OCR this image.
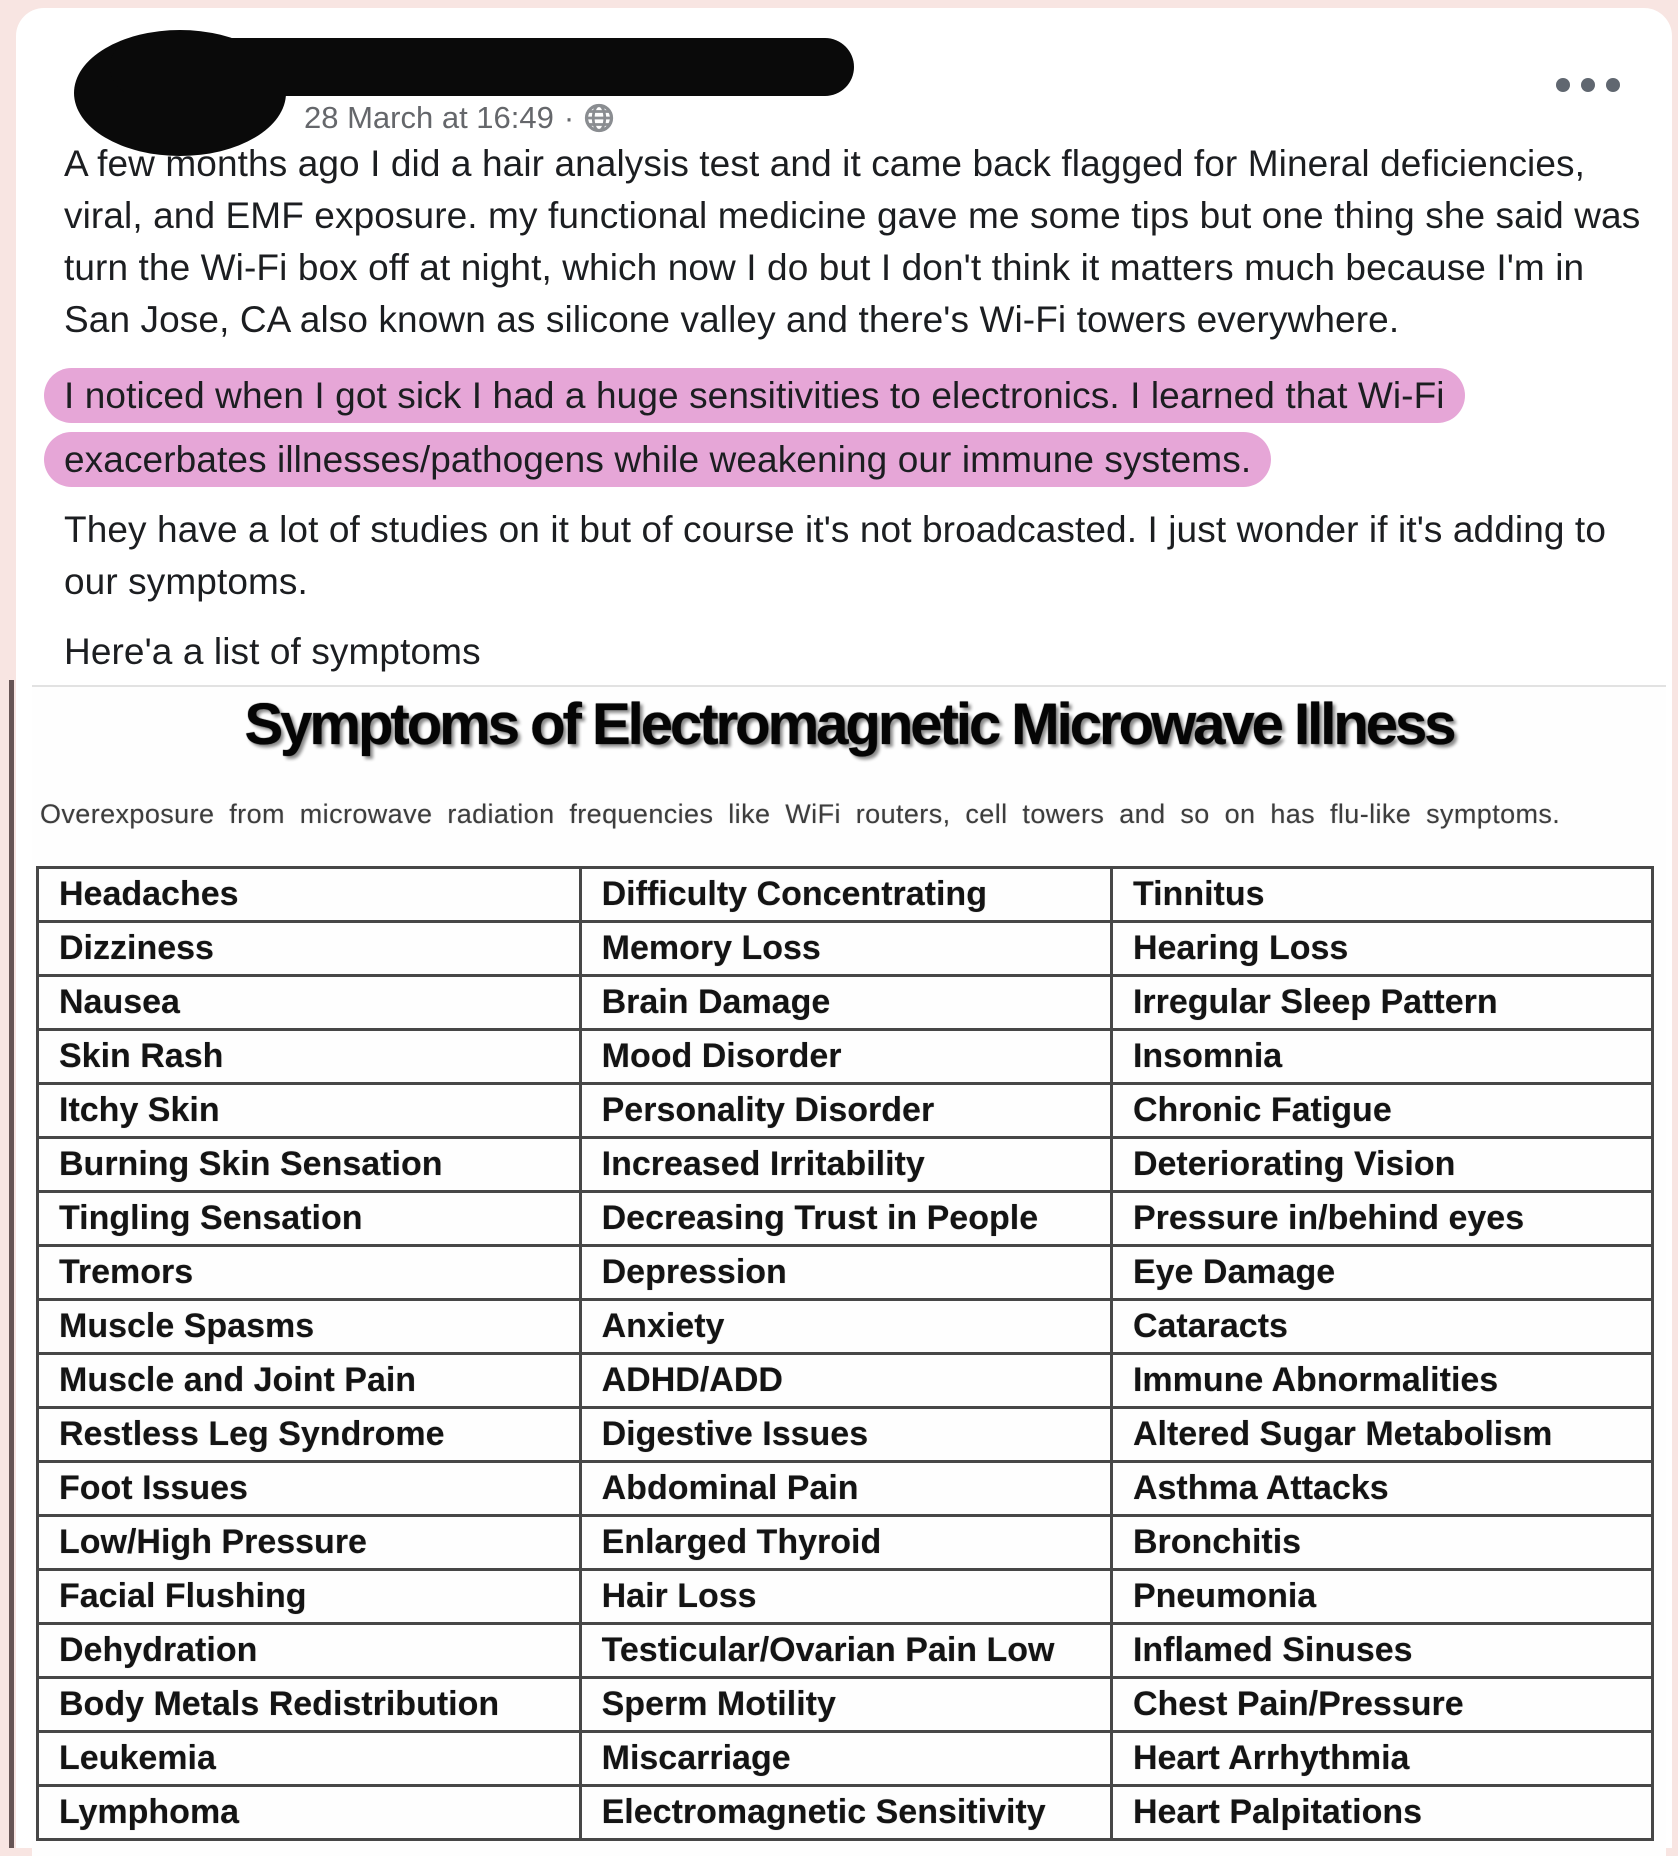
28 March at 16:49 ·

A few months ago I did a hair analysis test and it came back flagged for Mineral deficiencies, viral, and EMF exposure. my functional medicine gave me some tips but one thing she said was turn the Wi-Fi box off at night, which now I do but I don't think it matters much because I'm in San Jose, CA also known as silicone valley and there's Wi-Fi towers everywhere.

I noticed when I got sick I had a huge sensitivities to electronics. I learned that Wi-Fi exacerbates illnesses/pathogens while weakening our immune systems.

They have a lot of studies on it but of course it's not broadcasted. I just wonder if it's adding to our symptoms.

Here'a a list of symptoms

Symptoms of Electromagnetic Microwave Illness

Overexposure from microwave radiation frequencies like WiFi routers, cell towers and so on has flu-like symptoms.

Headaches	Difficulty Concentrating	Tinnitus
Dizziness	Memory Loss	Hearing Loss
Nausea	Brain Damage	Irregular Sleep Pattern
Skin Rash	Mood Disorder	Insomnia
Itchy Skin	Personality Disorder	Chronic Fatigue
Burning Skin Sensation	Increased Irritability	Deteriorating Vision
Tingling Sensation	Decreasing Trust in People	Pressure in/behind eyes
Tremors	Depression	Eye Damage
Muscle Spasms	Anxiety	Cataracts
Muscle and Joint Pain	ADHD/ADD	Immune Abnormalities
Restless Leg Syndrome	Digestive Issues	Altered Sugar Metabolism
Foot Issues	Abdominal Pain	Asthma Attacks
Low/High Pressure	Enlarged Thyroid	Bronchitis
Facial Flushing	Hair Loss	Pneumonia
Dehydration	Testicular/Ovarian Pain Low	Inflamed Sinuses
Body Metals Redistribution	Sperm Motility	Chest Pain/Pressure
Leukemia	Miscarriage	Heart Arrhythmia
Lymphoma	Electromagnetic Sensitivity	Heart Palpitations
